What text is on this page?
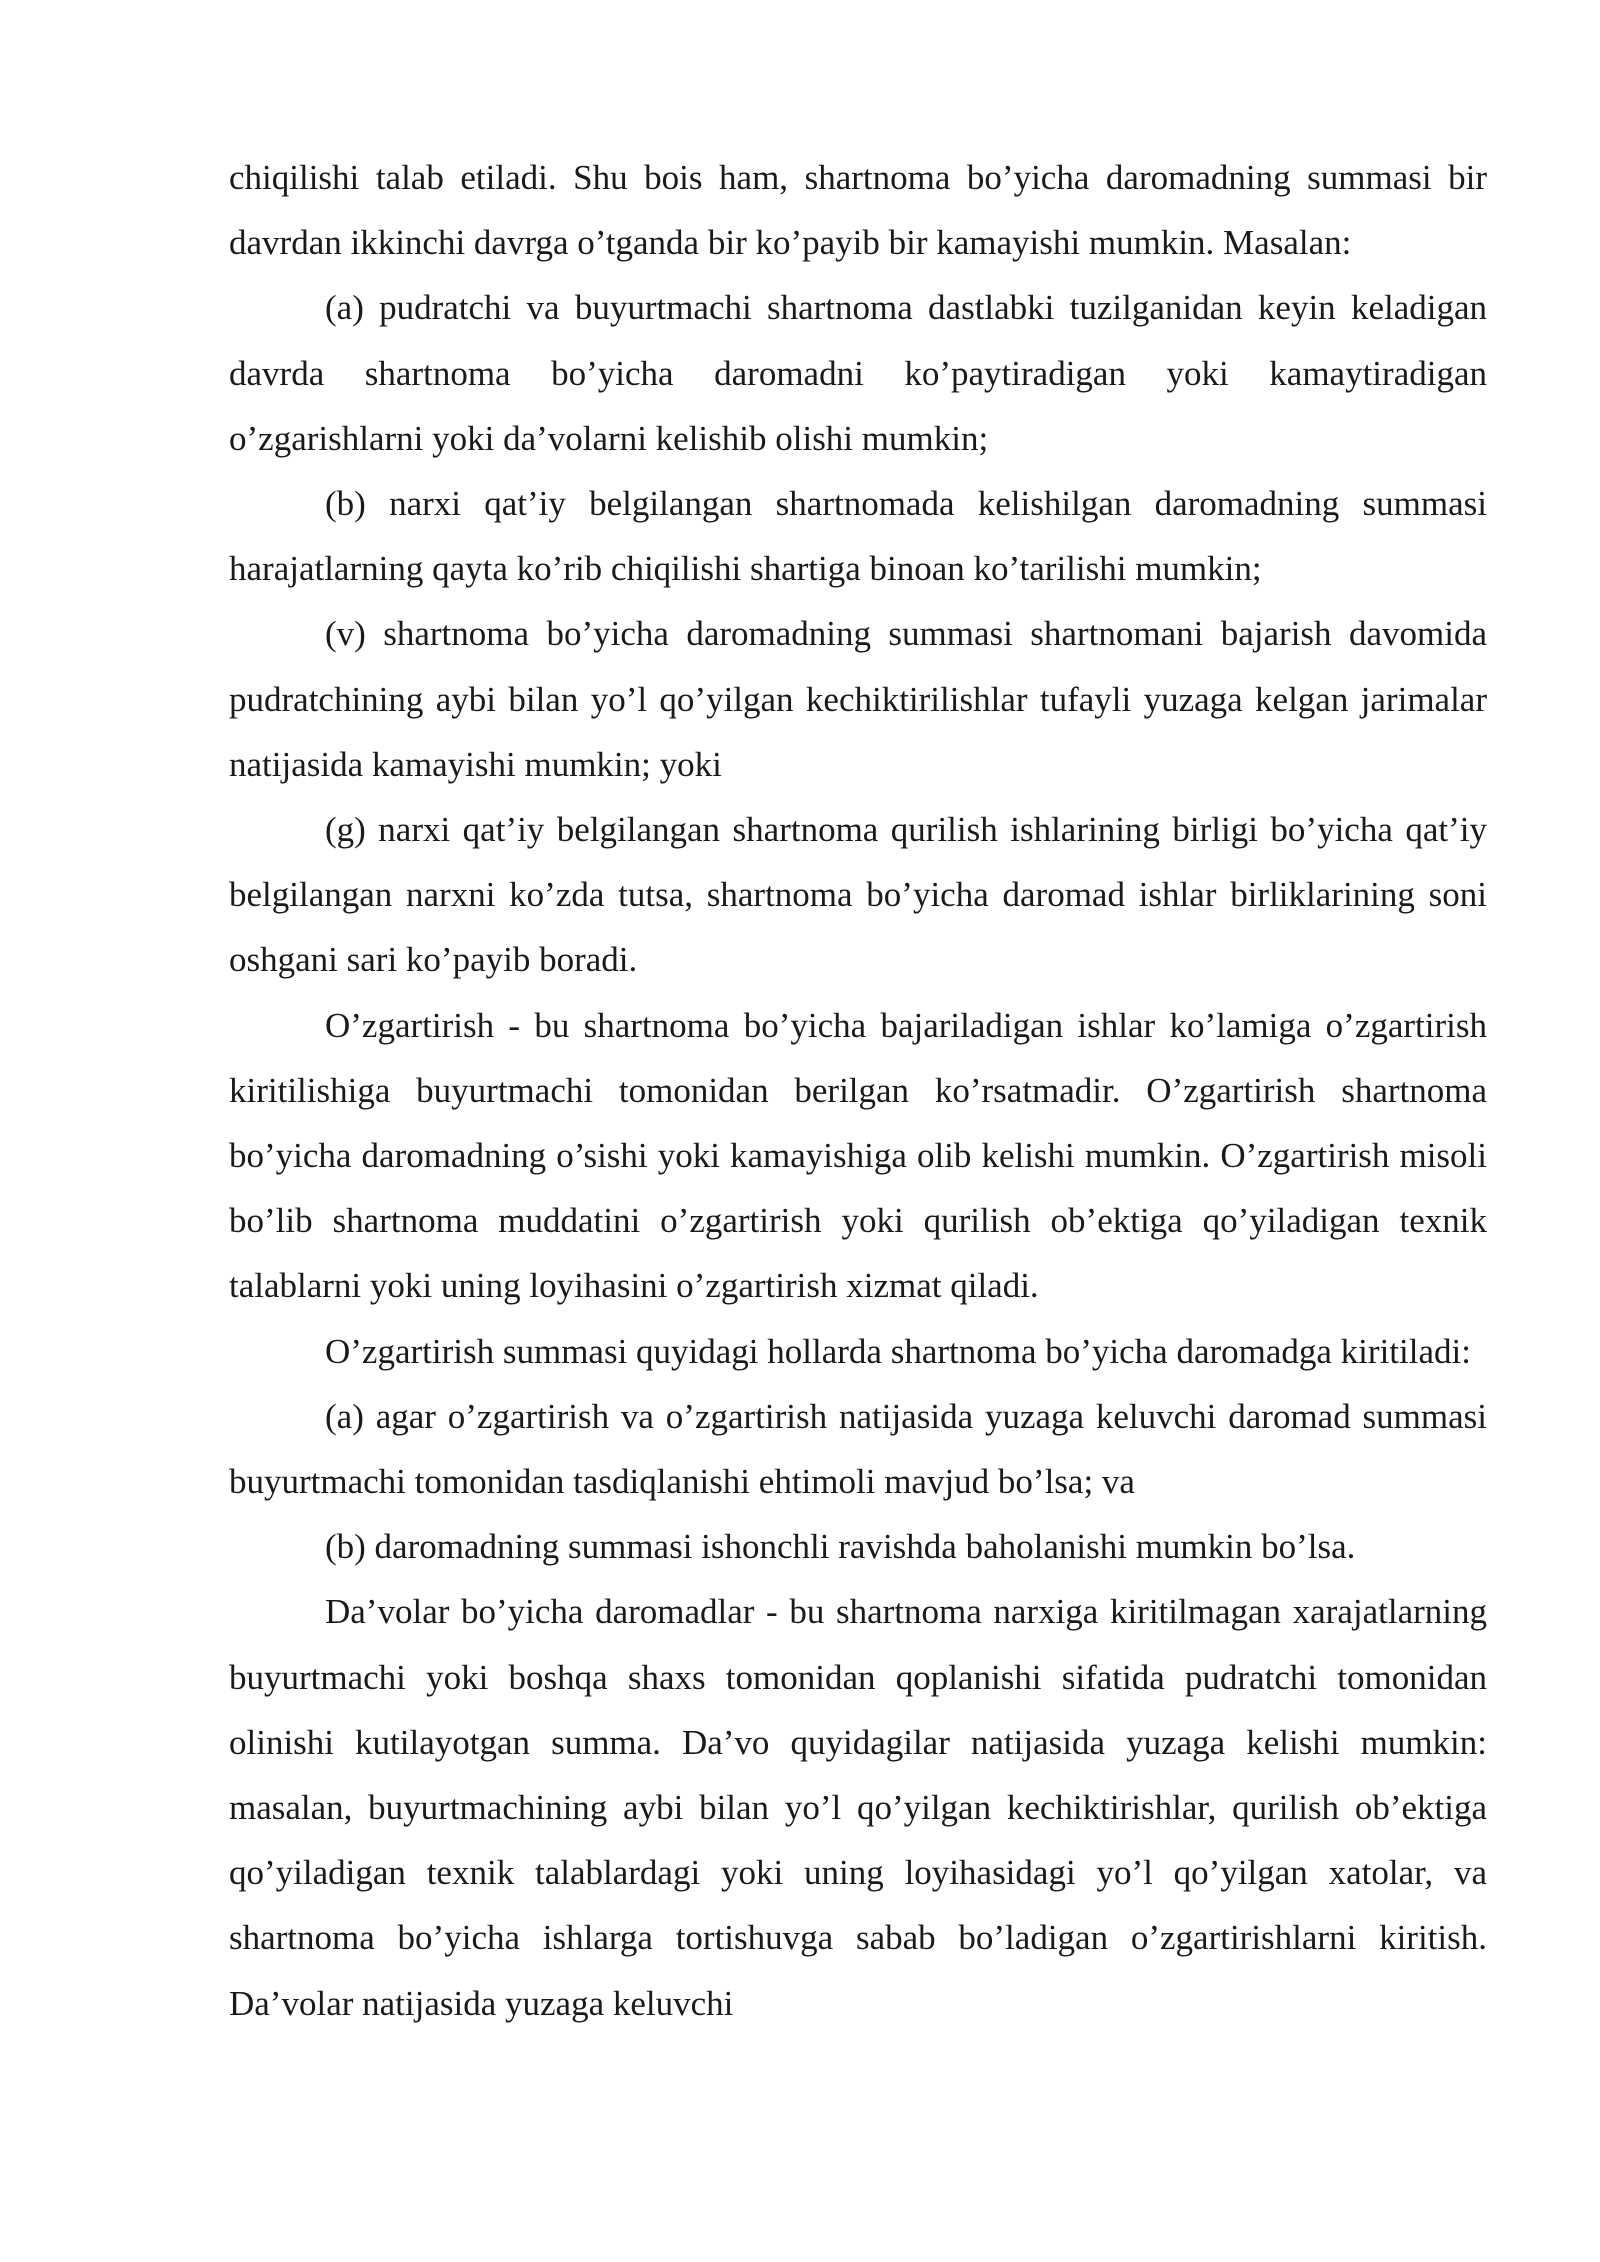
chiqilishi talab etiladi. Shu bois ham, shartnoma bo’yicha daromadning summasi bir davrdan ikkinchi davrga o’tganda bir ko’payib bir kamayishi mumkin. Masalan:

(a) pudratchi va buyurtmachi shartnoma dastlabki tuzilganidan keyin keladigan davrda shartnoma bo’yicha daromadni ko’paytiradigan yoki kamaytiradigan o’zgarishlarni yoki da’volarni kelishib olishi mumkin;

(b) narxi qat’iy belgilangan shartnomada kelishilgan daromadning summasi harajatlarning qayta ko’rib chiqilishi shartiga binoan ko’tarilishi mumkin;

(v) shartnoma bo’yicha daromadning summasi shartnomani bajarish davomida pudratchining aybi bilan yo’l qo’yilgan kechiktirilishlar tufayli yuzaga kelgan jarimalar natijasida kamayishi mumkin; yoki

(g) narxi qat’iy belgilangan shartnoma qurilish ishlarining birligi bo’yicha qat’iy belgilangan narxni ko’zda tutsa, shartnoma bo’yicha daromad ishlar birliklarining soni oshgani sari ko’payib boradi.

O’zgartirish - bu shartnoma bo’yicha bajariladigan ishlar ko’lamiga o’zgartirish kiritilishiga buyurtmachi tomonidan berilgan ko’rsatmadir. O’zgartirish shartnoma bo’yicha daromadning o’sishi yoki kamayishiga olib kelishi mumkin. O’zgartirish misoli bo’lib shartnoma muddatini o’zgartirish yoki qurilish ob’ektiga qo’yiladigan texnik talablarni yoki uning loyihasini o’zgartirish xizmat qiladi.

O’zgartirish summasi quyidagi hollarda shartnoma bo’yicha daromadga kiritiladi:

(a) agar o’zgartirish va o’zgartirish natijasida yuzaga keluvchi daromad summasi buyurtmachi tomonidan tasdiqlanishi ehtimoli mavjud bo’lsa; va

(b) daromadning summasi ishonchli ravishda baholanishi mumkin bo’lsa.

Da’volar bo’yicha daromadlar - bu shartnoma narxiga kiritilmagan xarajatlarning buyurtmachi yoki boshqa shaxs tomonidan qoplanishi sifatida pudratchi tomonidan olinishi kutilayotgan summa. Da’vo quyidagilar natijasida yuzaga kelishi mumkin: masalan, buyurtmachining aybi bilan yo’l qo’yilgan kechiktirishlar, qurilish ob’ektiga qo’yiladigan texnik talablardagi yoki uning loyihasidagi yo’l qo’yilgan xatolar, va shartnoma bo’yicha ishlarga tortishuvga sabab bo’ladigan o’zgartirishlarni kiritish. Da’volar natijasida yuzaga keluvchi
